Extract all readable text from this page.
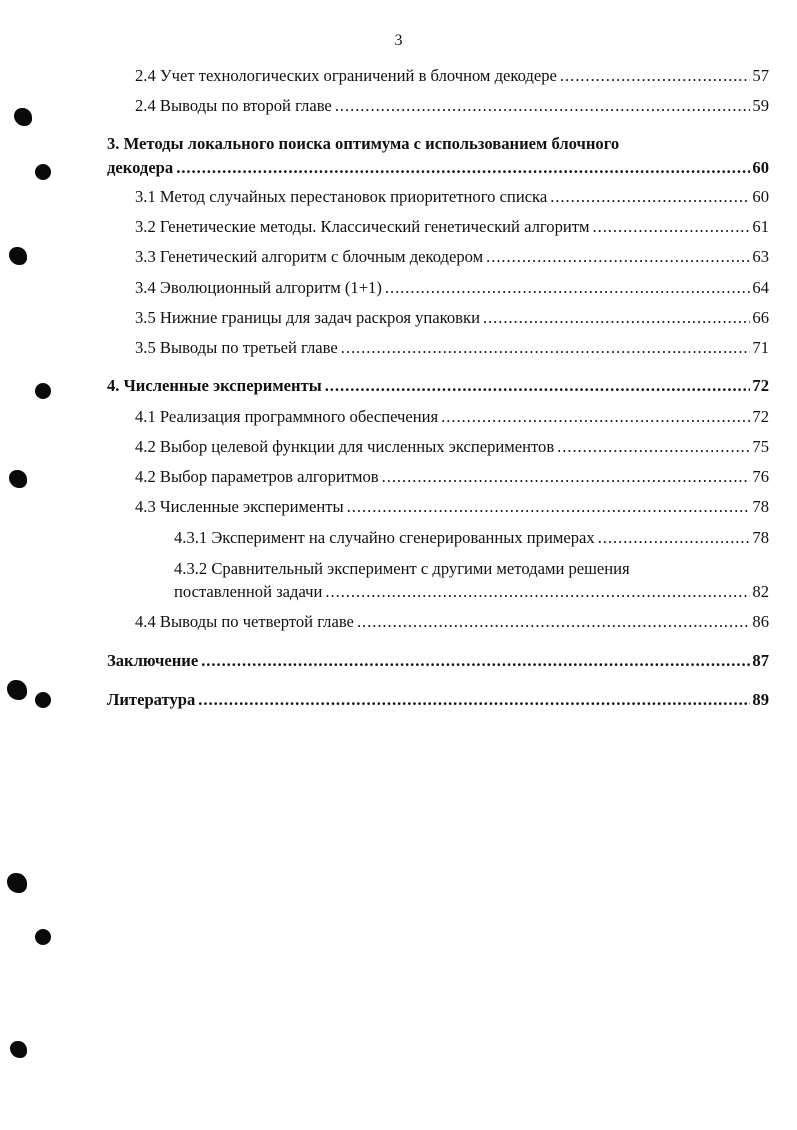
3
2.4 Учет технологических ограничений в блочном декодере . . .	57
2.4 Выводы по второй главе . . .	59
3. Методы локального поиска оптимума с использованием блочного
декодера . . .	60
3.1 Метод случайных перестановок приоритетного списка . . .	60
3.2 Генетические методы. Классический генетический алгоритм . . .	61
3.3 Генетический алгоритм с блочным декодером . . .	63
3.4 Эволюционный алгоритм (1+1) . . .	64
3.5 Нижние границы для задач раскроя упаковки . . .	66
3.5 Выводы по третьей главе . . .	71
4. Численные эксперименты . . .	72
4.1 Реализация программного обеспечения . . .	72
4.2 Выбор целевой функции для численных экспериментов . . .	75
4.2 Выбор параметров алгоритмов . . .	76
4.3 Численные эксперименты . . .	78
4.3.1 Эксперимент на случайно сгенерированных примерах . . .	78
4.3.2 Сравнительный эксперимент с другими методами решения
поставленной задачи . . .	82
4.4 Выводы по четвертой главе . . .	86
Заключение . . .	87
Литература . . .	89
